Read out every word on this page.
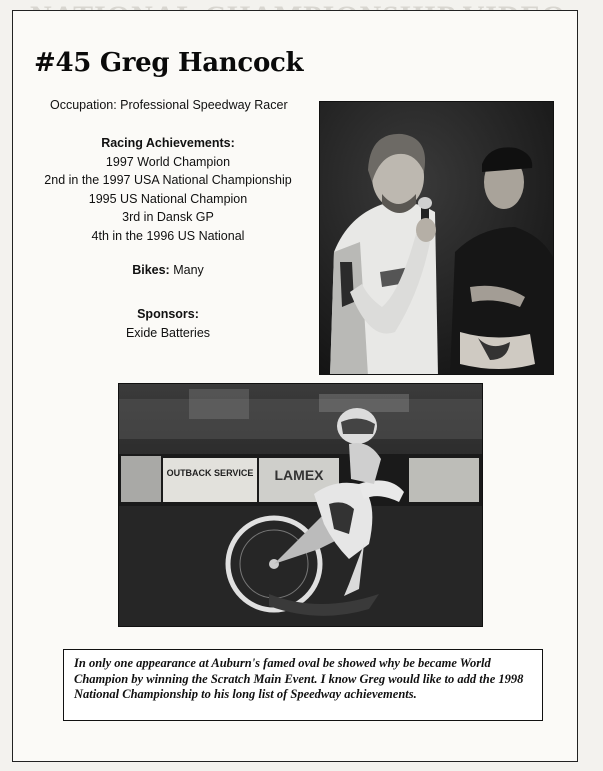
#45 Greg Hancock
Occupation: Professional Speedway Racer
Racing Achievements:
1997 World Champion
2nd in the 1997 USA National Championship
1995 US National Champion
3rd in Dansk GP
4th in the 1996 US National
Bikes: Many
Sponsors:
Exide Batteries
OUTBACK SERVICE LAMEX

In only one appearance at Auburn's famed oval be showed why be became World Champion by winning the Scratch Main Event. I know Greg would like to add the 1998 National Championship to his long list of Speedway achievements.
